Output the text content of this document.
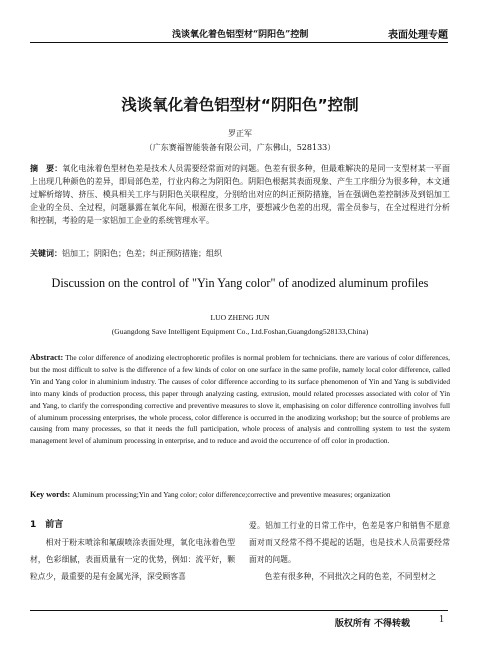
浅谈氧化着色铝型材“阴阳色”控制	表面处理专题
浅谈氧化着色铝型材“阴阳色”控制
罗正军
（广东赛福智能装备有限公司，广东佛山，528133）
摘　要：氧化电泳着色型材色差是技术人员需要经常面对的问题。色差有很多种，但最难解决的是同一支型材某一平面上出现几种颜色的差异，即局部色差，行业内称之为阴阳色。阴阳色根据其表面现象、产生工序细分为很多种，本文通过解析熔铸、挤压、模具相关工序与阴阳色关联程度，分别给出对应的纠正预防措施，旨在强调色差控制涉及到铝加工企业的全员、全过程，问题暴露在氧化车间，根源在很多工序，要想减少色差的出现，需全员参与，在全过程进行分析和控制，考验的是一家铝加工企业的系统管理水平。
关键词：铝加工；阴阳色；色差；纠正预防措施；组织
Discussion on the control of "Yin Yang color" of anodized aluminum profiles
LUO ZHENG JUN
(Guangdong Save Intelligent Equipment Co., Ltd.Foshan,Guangdong528133,China)
Abstract: The color difference of anodizing electrophoretic profiles is normal problem for technicians. there are various of color differences, but the most difficult to solve is the difference of a few kinds of color on one surface in the same profile, namely local color difference, called Yin and Yang color in aluminium industry. The causes of color difference according to its surface phenomenon of Yin and Yang is subdivided into many kinds of production process, this paper through analyzing casting, extrusion, mould related processes associated with color of Yin and Yang, to clarify the corresponding corrective and preventive measures to slove it, emphasising on color difference controlling involves full of aluminum processing enterprises, the whole process, color difference is occurred in the anodizing workshop; but the source of problems are causing from many processes, so that it needs the full participation, whole process of analysis and controlling system to test the system management level of aluminum processing in enterprise, and to reduce and avoid the occurrence of off color in production.
Key words: Aluminum processing;Yin and Yang color; color difference;corrective and preventive measures; organization
1　前言
相对于粉末喷涂和氟碳喷涂表面处理，氧化电泳着色型材，色彩细腻，表面质量有一定的优势，例如：流平好，颗粒点少，最重要的是有金属光泽，深受顾客喜
爱。铝加工行业的日常工作中，色差是客户和销售不愿意面对而又经常不得不提起的话题，也是技术人员需要经常面对的问题。
色差有很多种，不同批次之间的色差，不同型材之
版权所有 不得转载	1
